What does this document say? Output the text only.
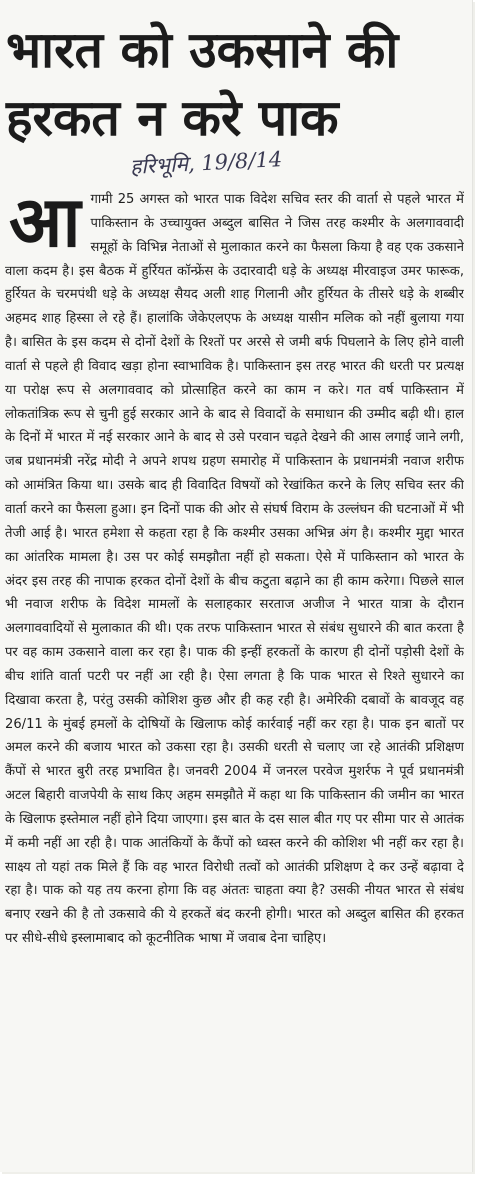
भारत को उकसाने की
हरकत न करे पाक
हरिभूमि, 19/8/14
आगामी 25 अगस्त को भारत पाक विदेश सचिव स्तर की वार्ता से पहले भारत में पाकिस्तान के उच्चायुक्त अब्दुल बासित ने जिस तरह कश्मीर के अलगाववादी समूहों के विभिन्न नेताओं से मुलाकात करने का फैसला किया है वह एक उकसाने वाला कदम है। इस बैठक में हुर्रियत कॉन्फ्रेंस के उदारवादी धड़े के अध्यक्ष मीरवाइज उमर फारूक, हुर्रियत के चरमपंथी धड़े के अध्यक्ष सैयद अली शाह गिलानी और हुर्रियत के तीसरे धड़े के शब्बीर अहमद शाह हिस्सा ले रहे हैं। हालांकि जेकेएलएफ के अध्यक्ष यासीन मलिक को नहीं बुलाया गया है। बासित के इस कदम से दोनों देशों के रिश्तों पर अरसे से जमी बर्फ पिघलाने के लिए होने वाली वार्ता से पहले ही विवाद खड़ा होना स्वाभाविक है। पाकिस्तान इस तरह भारत की धरती पर प्रत्यक्ष या परोक्ष रूप से अलगाववाद को प्रोत्साहित करने का काम न करे। गत वर्ष पाकिस्तान में लोकतांत्रिक रूप से चुनी हुई सरकार आने के बाद से विवादों के समाधान की उम्मीद बढ़ी थी। हाल के दिनों में भारत में नई सरकार आने के बाद से उसे परवान चढ़ते देखने की आस लगाई जाने लगी, जब प्रधानमंत्री नरेंद्र मोदी ने अपने शपथ ग्रहण समारोह में पाकिस्तान के प्रधानमंत्री नवाज शरीफ को आमंत्रित किया था। उसके बाद ही विवादित विषयों को रेखांकित करने के लिए सचिव स्तर की वार्ता करने का फैसला हुआ। इन दिनों पाक की ओर से संघर्ष विराम के उल्लंघन की घटनाओं में भी तेजी आई है। भारत हमेशा से कहता रहा है कि कश्मीर उसका अभिन्न अंग है। कश्मीर मुद्दा भारत का आंतरिक मामला है। उस पर कोई समझौता नहीं हो सकता। ऐसे में पाकिस्तान को भारत के अंदर इस तरह की नापाक हरकत दोनों देशों के बीच कटुता बढ़ाने का ही काम करेगा। पिछले साल भी नवाज शरीफ के विदेश मामलों के सलाहकार सरताज अजीज ने भारत यात्रा के दौरान अलगाववादियों से मुलाकात की थी। एक तरफ पाकिस्तान भारत से संबंध सुधारने की बात करता है पर वह काम उकसाने वाला कर रहा है। पाक की इन्हीं हरकतों के कारण ही दोनों पड़ोसी देशों के बीच शांति वार्ता पटरी पर नहीं आ रही है। ऐसा लगता है कि पाक भारत से रिश्ते सुधारने का दिखावा करता है, परंतु उसकी कोशिश कुछ और ही कह रही है। अमेरिकी दबावों के बावजूद वह 26/11 के मुंबई हमलों के दोषियों के खिलाफ कोई कार्रवाई नहीं कर रहा है। पाक इन बातों पर अमल करने की बजाय भारत को उकसा रहा है। उसकी धरती से चलाए जा रहे आतंकी प्रशिक्षण कैंपों से भारत बुरी तरह प्रभावित है। जनवरी 2004 में जनरल परवेज मुशर्रफ ने पूर्व प्रधानमंत्री अटल बिहारी वाजपेयी के साथ किए अहम समझौते में कहा था कि पाकिस्तान की जमीन का भारत के खिलाफ इस्तेमाल नहीं होने दिया जाएगा। इस बात के दस साल बीत गए पर सीमा पार से आतंक में कमी नहीं आ रही है। पाक आतंकियों के कैंपों को ध्वस्त करने की कोशिश भी नहीं कर रहा है। साक्ष्य तो यहां तक मिले हैं कि वह भारत विरोधी तत्वों को आतंकी प्रशिक्षण दे कर उन्हें बढ़ावा दे रहा है। पाक को यह तय करना होगा कि वह अंततः चाहता क्या है? उसकी नीयत भारत से संबंध बनाए रखने की है तो उकसावे की ये हरकतें बंद करनी होगी। भारत को अब्दुल बासित की हरकत पर सीधे-सीधे इस्लामाबाद को कूटनीतिक भाषा में जवाब देना चाहिए।
